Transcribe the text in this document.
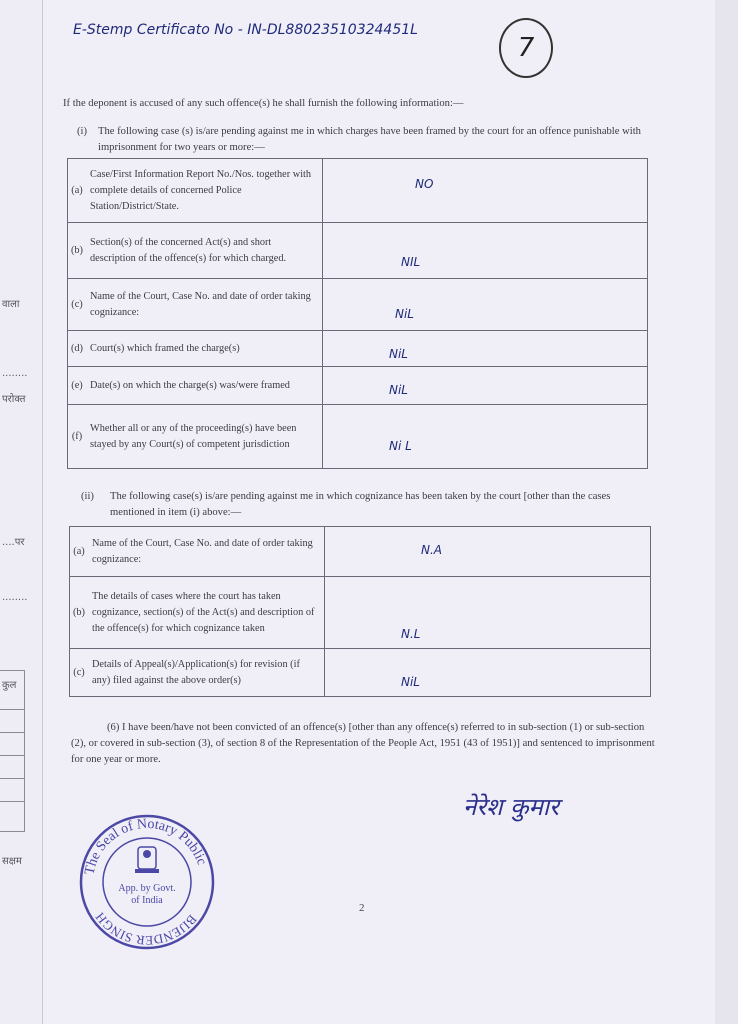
वाला
........
परोक्त
....पर
........
कुल
सक्षम
E-Stemp Certificato No - IN-DL88023510324451L
7
If the deponent is accused of any such offence(s) he shall furnish the following information:—
(i)	The following case (s) is/are pending against me in which charges have been framed by the court for an offence punishable with imprisonment for two years or more:—
(a)	Case/First Information Report No./Nos. together with complete details of concerned Police Station/District/State.	NO

(b)	Section(s) of the concerned Act(s) and short description of the offence(s) for which charged.	NIL

(c)	Name of the Court, Case No. and date of order taking cognizance:	NiL

(d)	Court(s) which framed the charge(s)	NiL

(e)	Date(s) on which the charge(s) was/were framed	NiL

(f)	Whether all or any of the proceeding(s) have been stayed by any Court(s) of competent jurisdiction	Ni L
(ii)	The following case(s) is/are pending against me in which cognizance has been taken by the court [other than the cases mentioned in item (i) above:—
(a)	Name of the Court, Case No. and date of order taking cognizance:	N.A

(b)	The details of cases where the court has taken cognizance, section(s) of the Act(s) and description of the offence(s) for which cognizance taken	N.L

(c)	Details of Appeal(s)/Application(s) for revision (if any) filed against the above order(s)	NiL
(6) I have been/have not been convicted of an offence(s) [other than any offence(s) referred to in sub-section (1) or sub-section (2), or covered in sub-section (3), of section 8 of the Representation of the People Act, 1951 (43 of 1951)] and sentenced to imprisonment for one year or more.
नेरेश कुमार
The Seal of Notary Public
BIJENDER SINGH
App. by Govt.
of India
2
